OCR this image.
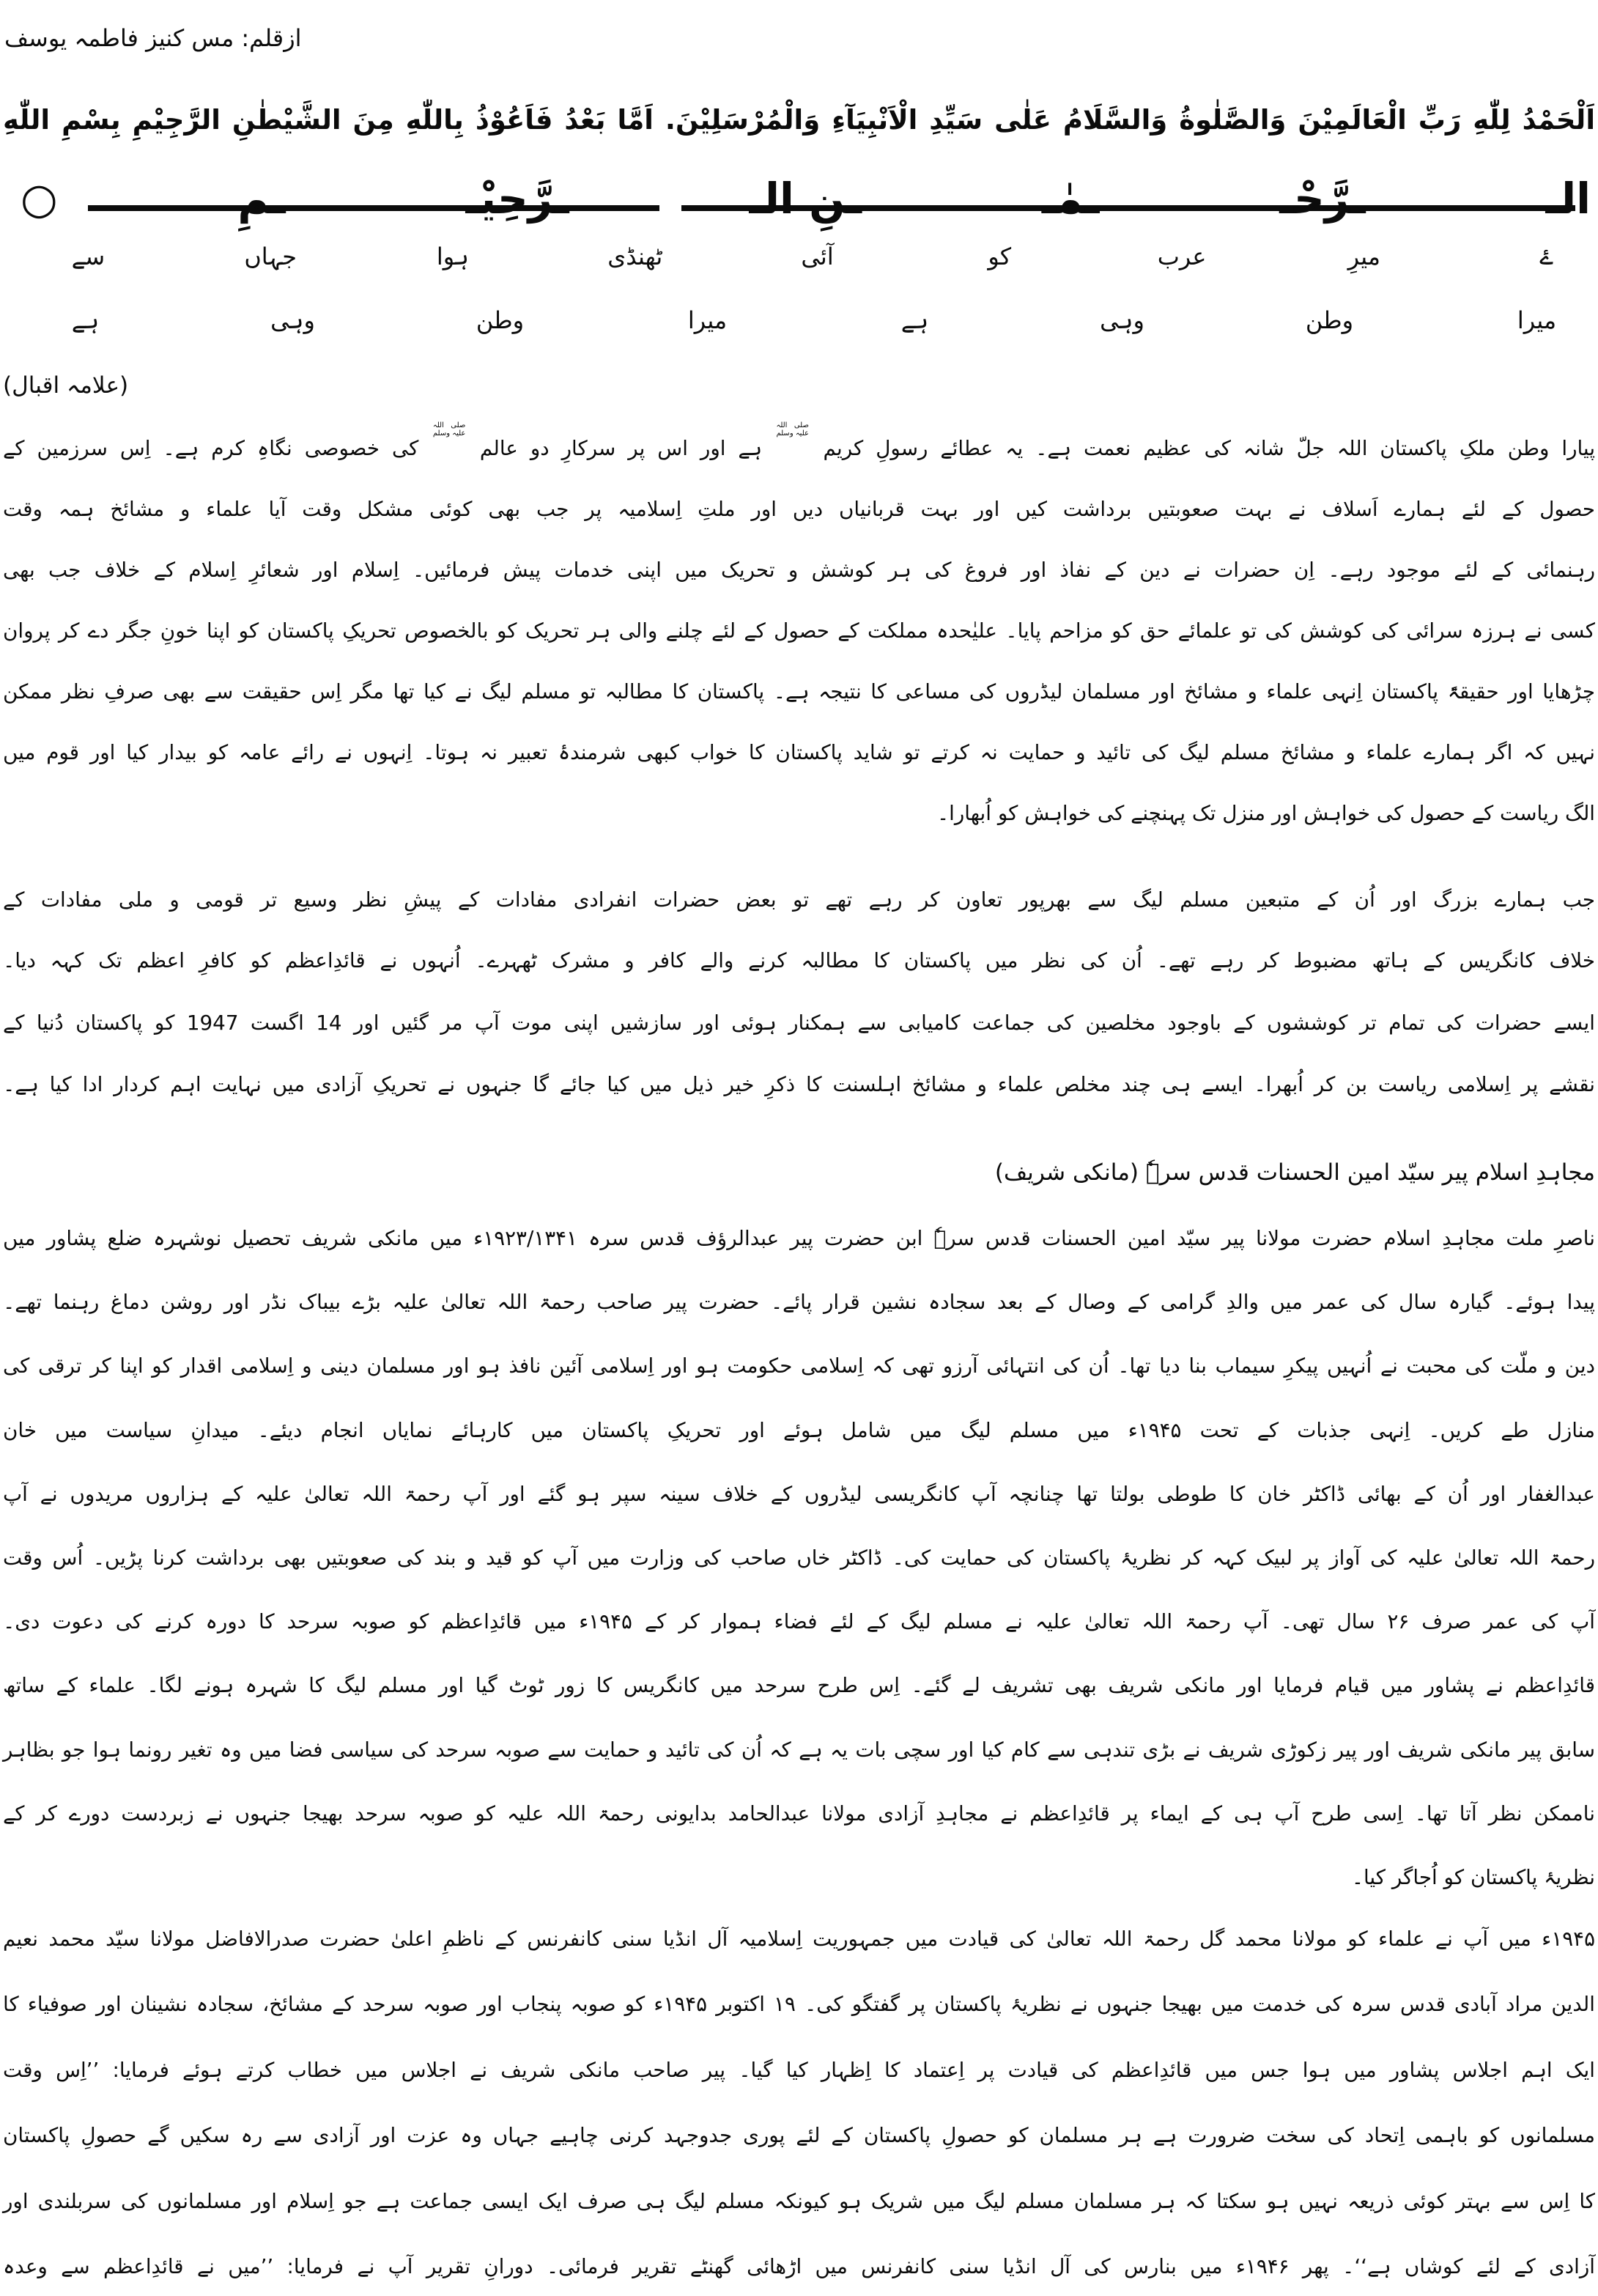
ازقلم: مس کنیز فاطمہ یوسف
اَلْحَمْدُ لِلّٰهِ رَبِّ الْعَالَمِيْنَ وَالصَّلٰوةُ وَالسَّلَامُ عَلٰى سَيِّدِ الْاَنْبِيَآءِ وَالْمُرْسَلِيْنَ. اَمَّا بَعْدُ فَاَعُوْذُ بِاللّٰهِ مِنَ الشَّيْطٰنِ الرَّجِيْمِ بِسْمِ اللّٰهِ
الـ
ـرَّحْـ
ـمٰـ
ـنِ الـ
ـرَّحِيْـ
ـمِ
○
ۓ
میرِ
عرب
کو
آئی
ٹھنڈی
ہوا
جہاں
سے
میرا
وطن
وہی
ہے
میرا
وطن
وہی
ہے
(علامہ اقبال)
پیارا وطن ملکِ پاکستان اللہ جلّ شانہ کی عظیم نعمت ہے۔ یہ عطائے رسولِ کریم
صلی اللہ
علیہ وسلم
ہے اور اس پر سرکارِ دو عالم
صلی اللہ
علیہ وسلم
کی خصوصی نگاہِ کرم ہے۔ اِس سرزمین کے
حصول کے لئے ہمارے اَسلاف نے بہت صعوبتیں برداشت کیں اور بہت قربانیاں دیں اور ملتِ اِسلامیہ پر جب بھی کوئی مشکل وقت آیا علماء و مشائخ ہمہ وقت
رہنمائی کے لئے موجود رہے۔ اِن حضرات نے دین کے نفاذ اور فروغ کی ہر کوشش و تحریک میں اپنی خدمات پیش فرمائیں۔ اِسلام اور شعائرِ اِسلام کے خلاف جب بھی
کسی نے ہرزہ سرائی کی کوشش کی تو علمائے حق کو مزاحم پایا۔ علیٰحدہ مملکت کے حصول کے لئے چلنے والی ہر تحریک کو بالخصوص تحریکِ پاکستان کو اپنا خونِ جگر دے کر پروان
چڑھایا اور حقیقۃً پاکستان اِنہی علماء و مشائخ اور مسلمان لیڈروں کی مساعی کا نتیجہ ہے۔ پاکستان کا مطالبہ تو مسلم لیگ نے کیا تھا مگر اِس حقیقت سے بھی صرفِ نظر ممکن
نہیں کہ اگر ہمارے علماء و مشائخ مسلم لیگ کی تائید و حمایت نہ کرتے تو شاید پاکستان کا خواب کبھی شرمندۂ تعبیر نہ ہوتا۔ اِنہوں نے رائے عامہ کو بیدار کیا اور قوم میں
الگ ریاست کے حصول کی خواہش اور منزل تک پہنچنے کی خواہش کو اُبھارا۔
جب ہمارے بزرگ اور اُن کے متبعین مسلم لیگ سے بھرپور تعاون کر رہے تھے تو بعض حضرات انفرادی مفادات کے پیشِ نظر وسیع تر قومی و ملی مفادات کے
خلاف کانگریس کے ہاتھ مضبوط کر رہے تھے۔ اُن کی نظر میں پاکستان کا مطالبہ کرنے والے کافر و مشرک ٹھہرے۔ اُنہوں نے قائدِاعظم کو کافرِ اعظم تک کہہ دیا۔
ایسے حضرات کی تمام تر کوششوں کے باوجود مخلصین کی جماعت کامیابی سے ہمکنار ہوئی اور سازشیں اپنی موت آپ مر گئیں اور 14 اگست 1947 کو پاکستان دُنیا کے
نقشے پر اِسلامی ریاست بن کر اُبھرا۔ ایسے ہی چند مخلص علماء و مشائخ اہلسنت کا ذکرِ خیر ذیل میں کیا جائے گا جنہوں نے تحریکِ آزادی میں نہایت اہم کردار ادا کیا ہے۔
مجاہدِ اسلام پیر سیّد امین الحسنات قدس سرہٗ (مانکی شریف)
ناصرِ ملت مجاہدِ اسلام حضرت مولانا پیر سیّد امین الحسنات قدس سرہٗ ابن حضرت پیر عبدالرؤف قدس سرہ ۱۳۴۱/‏۱۹۲۳ء میں مانکی شریف تحصیل نوشہرہ ضلع پشاور میں
پیدا ہوئے۔ گیارہ سال کی عمر میں والدِ گرامی کے وصال کے بعد سجادہ نشین قرار پائے۔ حضرت پیر صاحب رحمۃ اللہ تعالیٰ علیہ بڑے بیباک نڈر اور روشن دماغ رہنما تھے۔
دین و ملّت کی محبت نے اُنہیں پیکرِ سیماب بنا دیا تھا۔ اُن کی انتہائی آرزو تھی کہ اِسلامی حکومت ہو اور اِسلامی آئین نافذ ہو اور مسلمان دینی و اِسلامی اقدار کو اپنا کر ترقی کی
منازل طے کریں۔ اِنہی جذبات کے تحت ۱۹۴۵ء میں مسلم لیگ میں شامل ہوئے اور تحریکِ پاکستان میں کارہائے نمایاں انجام دیئے۔ میدانِ سیاست میں خان
عبدالغفار اور اُن کے بھائی ڈاکٹر خان کا طوطی بولتا تھا چنانچہ آپ کانگریسی لیڈروں کے خلاف سینہ سپر ہو گئے اور آپ رحمۃ اللہ تعالیٰ علیہ کے ہزاروں مریدوں نے آپ
رحمۃ اللہ تعالیٰ علیہ کی آواز پر لبیک کہہ کر نظریۂ پاکستان کی حمایت کی۔ ڈاکٹر خاں صاحب کی وزارت میں آپ کو قید و بند کی صعوبتیں بھی برداشت کرنا پڑیں۔ اُس وقت
آپ کی عمر صرف ۲۶ سال تھی۔ آپ رحمۃ اللہ تعالیٰ علیہ نے مسلم لیگ کے لئے فضاء ہموار کر کے ۱۹۴۵ء میں قائدِاعظم کو صوبہ سرحد کا دورہ کرنے کی دعوت دی۔
قائدِاعظم نے پشاور میں قیام فرمایا اور مانکی شریف بھی تشریف لے گئے۔ اِس طرح سرحد میں کانگریس کا زور ٹوٹ گیا اور مسلم لیگ کا شہرہ ہونے لگا۔ علماء کے ساتھ
سابق پیر مانکی شریف اور پیر زکوڑی شریف نے بڑی تندہی سے کام کیا اور سچی بات یہ ہے کہ اُن کی تائید و حمایت سے صوبہ سرحد کی سیاسی فضا میں وہ تغیر رونما ہوا جو بظاہر
ناممکن نظر آتا تھا۔ اِسی طرح آپ ہی کے ایماء پر قائدِاعظم نے مجاہدِ آزادی مولانا عبدالحامد بدایونی رحمۃ اللہ علیہ کو صوبہ سرحد بھیجا جنہوں نے زبردست دورے کر کے
نظریۂ پاکستان کو اُجاگر کیا۔
۱۹۴۵ء میں آپ نے علماء کو مولانا محمد گل رحمۃ اللہ تعالیٰ کی قیادت میں جمہوریت اِسلامیہ آل انڈیا سنی کانفرنس کے ناظمِ اعلیٰ حضرت صدرالافاضل مولانا سیّد محمد نعیم
الدین مراد آبادی قدس سرہ کی خدمت میں بھیجا جنہوں نے نظریۂ پاکستان پر گفتگو کی۔ ۱۹ اکتوبر ۱۹۴۵ء کو صوبہ پنجاب اور صوبہ سرحد کے مشائخ، سجادہ نشینان اور صوفیاء کا
ایک اہم اجلاس پشاور میں ہوا جس میں قائدِاعظم کی قیادت پر اِعتماد کا اِظہار کیا گیا۔ پیر صاحب مانکی شریف نے اجلاس میں خطاب کرتے ہوئے فرمایا: ’’اِس وقت
مسلمانوں کو باہمی اِتحاد کی سخت ضرورت ہے ہر مسلمان کو حصولِ پاکستان کے لئے پوری جدوجہد کرنی چاہیے جہاں وہ عزت اور آزادی سے رہ سکیں گے حصولِ پاکستان
کا اِس سے بہتر کوئی ذریعہ نہیں ہو سکتا کہ ہر مسلمان مسلم لیگ میں شریک ہو کیونکہ مسلم لیگ ہی صرف ایک ایسی جماعت ہے جو اِسلام اور مسلمانوں کی سربلندی اور
آزادی کے لئے کوشاں ہے‘‘۔ پھر ۱۹۴۶ء میں بنارس کی آل انڈیا سنی کانفرنس میں اڑھائی گھنٹے تقریر فرمائی۔ دورانِ تقریر آپ نے فرمایا: ’’میں نے قائدِاعظم سے وعدہ
